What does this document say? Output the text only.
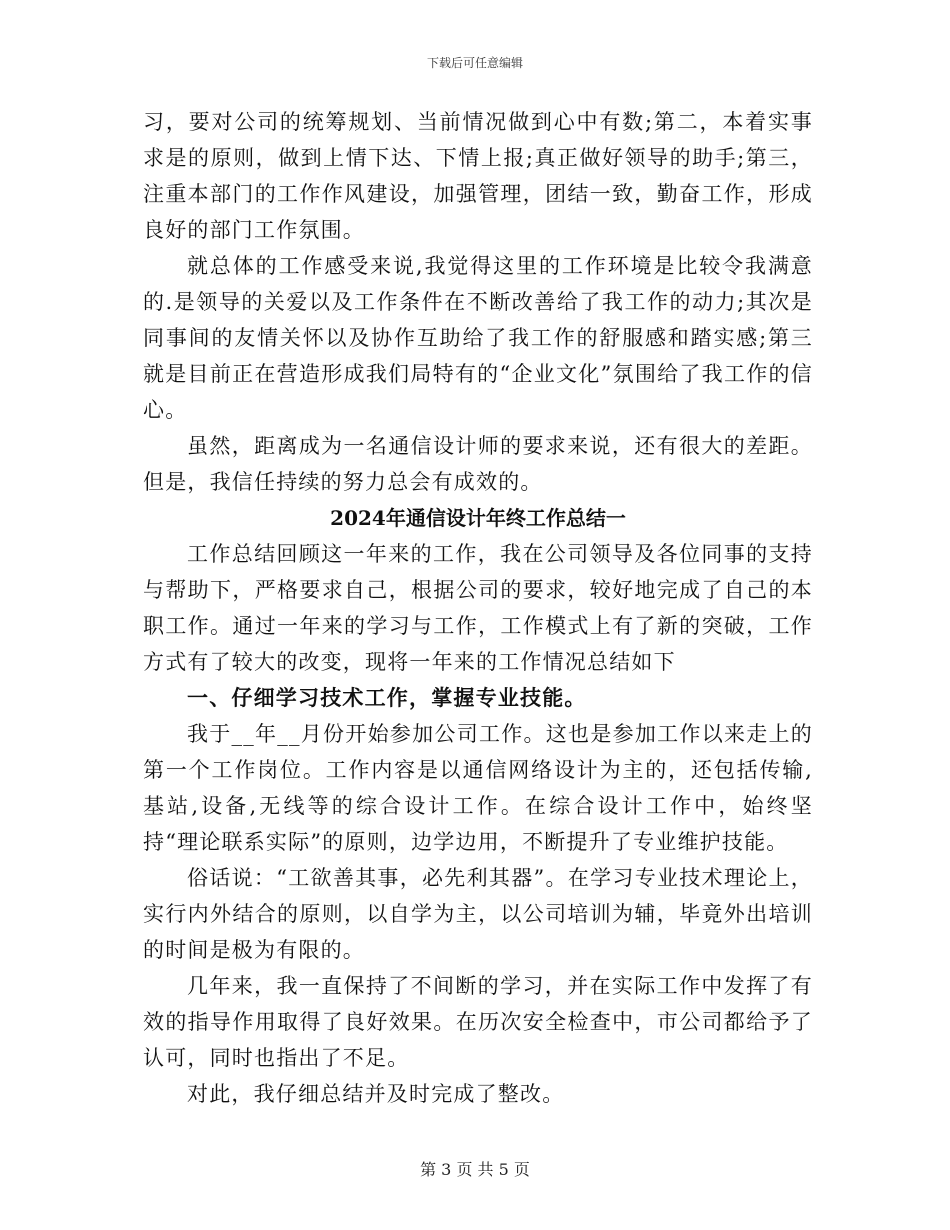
下载后可任意编辑

习，要对公司的统筹规划、当前情况做到心中有数;第二，本着实事求是的原则，做到上情下达、下情上报;真正做好领导的助手;第三，注重本部门的工作作风建设，加强管理，团结一致，勤奋工作，形成良好的部门工作氛围。

就总体的工作感受来说,我觉得这里的工作环境是比较令我满意的.是领导的关爱以及工作条件在不断改善给了我工作的动力;其次是同事间的友情关怀以及协作互助给了我工作的舒服感和踏实感;第三就是目前正在营造形成我们局特有的“企业文化”氛围给了我工作的信心。

虽然，距离成为一名通信设计师的要求来说，还有很大的差距。但是，我信任持续的努力总会有成效的。

2024年通信设计年终工作总结一

工作总结回顾这一年来的工作，我在公司领导及各位同事的支持与帮助下，严格要求自己，根据公司的要求，较好地完成了自己的本职工作。通过一年来的学习与工作，工作模式上有了新的突破，工作方式有了较大的改变，现将一年来的工作情况总结如下

一、仔细学习技术工作，掌握专业技能。

我于__年__月份开始参加公司工作。这也是参加工作以来走上的第一个工作岗位。工作内容是以通信网络设计为主的，还包括传输,基站,设备,无线等的综合设计工作。在综合设计工作中，始终坚持“理论联系实际”的原则，边学边用，不断提升了专业维护技能。

俗话说：“工欲善其事，必先利其器”。在学习专业技术理论上，实行内外结合的原则，以自学为主，以公司培训为辅，毕竟外出培训的时间是极为有限的。

几年来，我一直保持了不间断的学习，并在实际工作中发挥了有效的指导作用取得了良好效果。在历次安全检查中，市公司都给予了认可，同时也指出了不足。

对此，我仔细总结并及时完成了整改。

第 3 页 共 5 页
